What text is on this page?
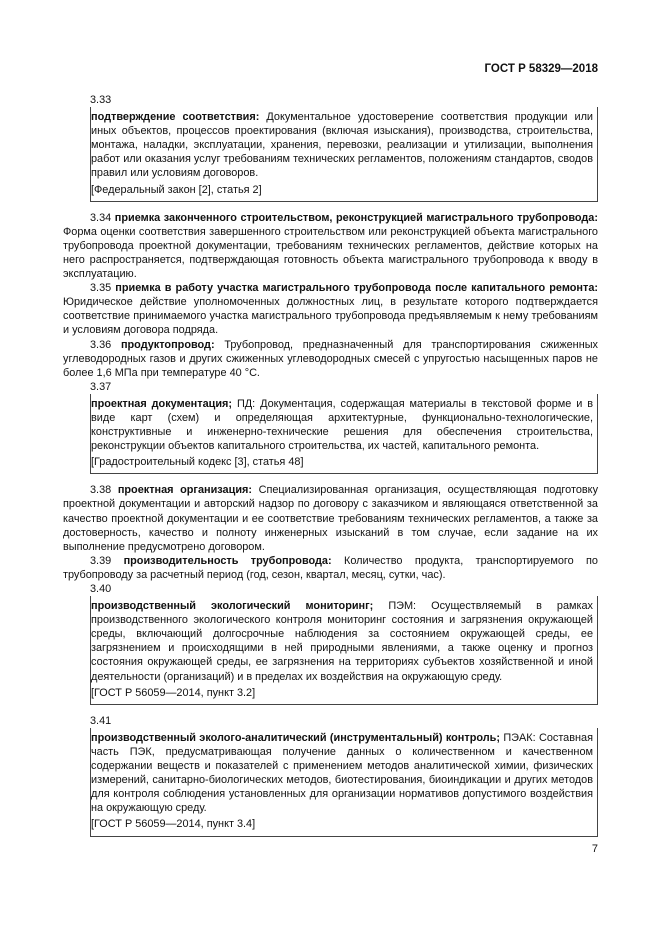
ГОСТ Р 58329—2018
3.33
подтверждение соответствия: Документальное удостоверение соответствия продукции или иных объектов, процессов проектирования (включая изыскания), производства, строительства, монтажа, наладки, эксплуатации, хранения, перевозки, реализации и утилизации, выполнения работ или оказания услуг требованиям технических регламентов, положениям стандартов, сводов правил или условиям договоров.
[Федеральный закон [2], статья 2]
3.34 приемка законченного строительством, реконструкцией магистрального трубопровода: Форма оценки соответствия завершенного строительством или реконструкцией объекта магистрального трубопровода проектной документации, требованиям технических регламентов, действие которых на него распространяется, подтверждающая готовность объекта магистрального трубопровода к вводу в эксплуатацию.
3.35 приемка в работу участка магистрального трубопровода после капитального ремонта: Юридическое действие уполномоченных должностных лиц, в результате которого подтверждается соответствие принимаемого участка магистрального трубопровода предъявляемым к нему требованиям и условиям договора подряда.
3.36 продуктопровод: Трубопровод, предназначенный для транспортирования сжиженных углеводородных газов и других сжиженных углеводородных смесей с упругостью насыщенных паров не более 1,6 МПа при температуре 40 °С.
3.37
проектная документация; ПД: Документация, содержащая материалы в текстовой форме и в виде карт (схем) и определяющая архитектурные, функционально-технологические, конструктивные и инженерно-технические решения для обеспечения строительства, реконструкции объектов капитального строительства, их частей, капитального ремонта.
[Градостроительный кодекс [3], статья 48]
3.38 проектная организация: Специализированная организация, осуществляющая подготовку проектной документации и авторский надзор по договору с заказчиком и являющаяся ответственной за качество проектной документации и ее соответствие требованиям технических регламентов, а также за достоверность, качество и полноту инженерных изысканий в том случае, если задание на их выполнение предусмотрено договором.
3.39 производительность трубопровода: Количество продукта, транспортируемого по трубопроводу за расчетный период (год, сезон, квартал, месяц, сутки, час).
3.40
производственный экологический мониторинг; ПЭМ: Осуществляемый в рамках производственного экологического контроля мониторинг состояния и загрязнения окружающей среды, включающий долгосрочные наблюдения за состоянием окружающей среды, ее загрязнением и происходящими в ней природными явлениями, а также оценку и прогноз состояния окружающей среды, ее загрязнения на территориях субъектов хозяйственной и иной деятельности (организаций) и в пределах их воздействия на окружающую среду.
[ГОСТ Р 56059—2014, пункт 3.2]
3.41
производственный эколого-аналитический (инструментальный) контроль; ПЭАК: Составная часть ПЭК, предусматривающая получение данных о количественном и качественном содержании веществ и показателей с применением методов аналитической химии, физических измерений, санитарно-биологических методов, биотестирования, биоиндикации и других методов для контроля соблюдения установленных для организации нормативов допустимого воздействия на окружающую среду.
[ГОСТ Р 56059—2014, пункт 3.4]
7
